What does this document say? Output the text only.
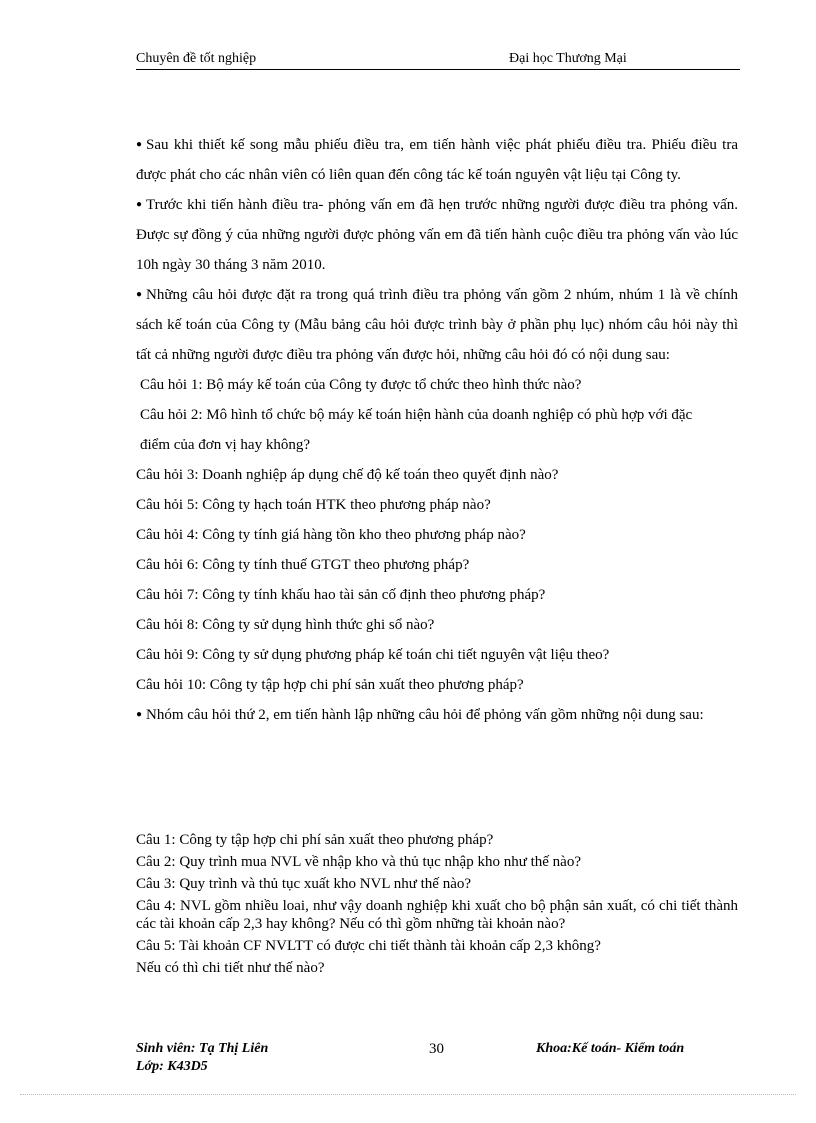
Chuyên đề tốt nghiệp	Đại học Thương Mại

● Sau khi thiết kế song mẫu phiếu điều tra, em tiến hành việc phát phiếu điều tra. Phiếu điều tra được phát cho các nhân viên có liên quan đến công tác kế toán nguyên vật liệu tại Công ty.

● Trước khi tiến hành điều tra- phỏng vấn em đã hẹn trước những người được điều tra phỏng vấn. Được sự đồng ý của những người được phỏng vấn em đã tiến hành cuộc điều tra phỏng vấn vào lúc 10h ngày 30 tháng 3 năm 2010.

● Những câu hỏi được đặt ra trong quá trình điều tra phỏng vấn gồm 2 nhúm, nhúm 1 là về chính sách kế toán của Công ty (Mẫu bảng câu hỏi được trình bày ở phần phụ lục) nhóm câu hỏi này thì tất cả những người được điều tra phỏng vấn được hỏi, những câu hỏi đó có nội dung sau:

Câu hỏi 1: Bộ máy kế toán của Công ty được tổ chức theo hình thức nào?

Câu hỏi 2: Mô hình tổ chức bộ máy kế toán hiện hành của doanh nghiệp có phù hợp với đặc điểm của đơn vị hay không?

Câu hỏi 3: Doanh nghiệp áp dụng chế độ kế toán theo quyết định nào?

Câu hỏi 5: Công ty hạch toán HTK theo phương pháp nào?

Câu hỏi 4: Công ty tính giá hàng tồn kho theo phương pháp nào?

Câu hỏi 6: Công ty tính thuế GTGT theo phương pháp?

Câu hỏi 7: Công ty tính khấu hao tài sản cố định theo phương pháp?

Câu hỏi 8: Công ty sử dụng hình thức ghi sổ nào?

Câu hỏi 9: Công ty sử dụng phương pháp kế toán chi tiết nguyên vật liệu theo?

Câu hỏi 10: Công ty tập hợp chi phí sản xuất theo phương pháp?

● Nhóm câu hỏi thứ 2, em tiến hành lập những câu hỏi để phỏng vấn gồm những nội dung sau:

Câu 1: Công ty tập hợp chi phí sản xuất theo phương pháp?

Câu 2: Quy trình mua NVL về nhập kho và thủ tục nhập kho như thế nào?

Câu 3: Quy trình và thủ tục xuất kho NVL như thế nào?

Câu 4: NVL gồm nhiều loai, như vậy doanh nghiệp khi xuất cho bộ phận sản xuất, có chi tiết thành các tài khoản cấp 2,3 hay không? Nếu có thì gồm những tài khoản nào?

Câu 5: Tài khoản CF NVLTT có được chi tiết thành tài khoản cấp 2,3 không?

Nếu có thì chi tiết như thế nào?

Sinh viên: Tạ Thị Liên
Lớp: K43D5
30	Khoa:Kế toán- Kiểm toán
